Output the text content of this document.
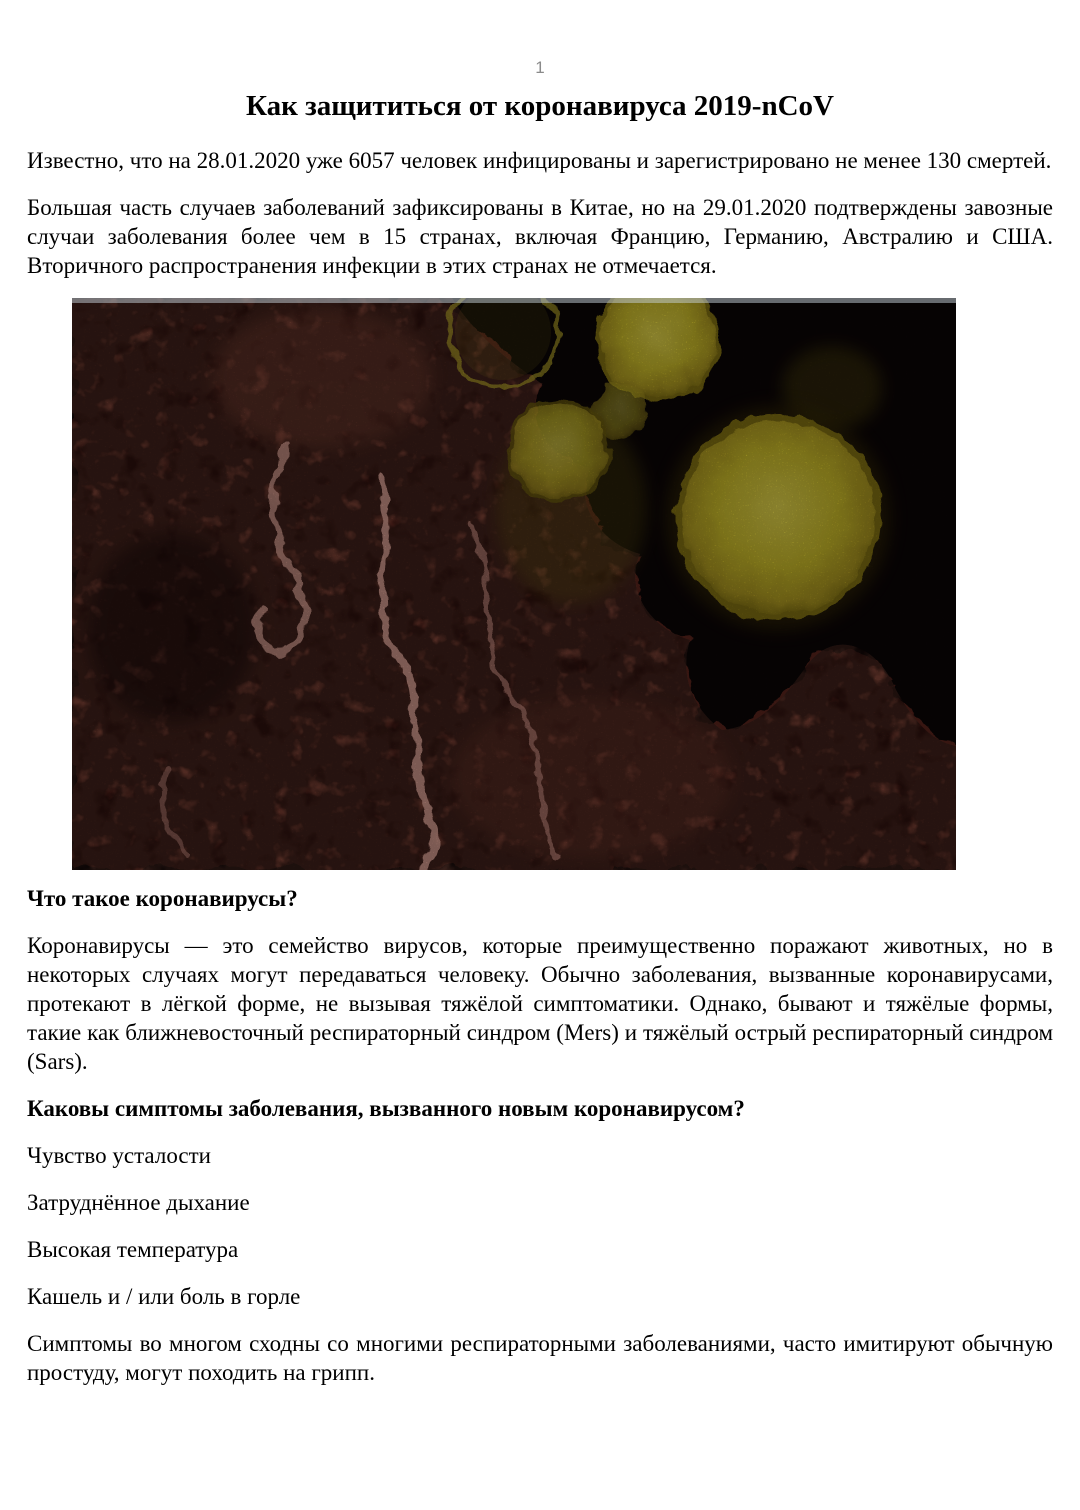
1
Как защититься от коронавируса 2019-nCoV

Известно, что на 28.01.2020 уже 6057 человек инфицированы и зарегистрировано не менее 130 смертей.

Большая часть случаев заболеваний зафиксированы в Китае, но на 29.01.2020 подтверждены завозные случаи заболевания более чем в 15 странах, включая Францию, Германию, Австралию и США. Вторичного распространения инфекции в этих странах не отмечается.

Что такое коронавирусы?

Коронавирусы — это семейство вирусов, которые преимущественно поражают животных, но в некоторых случаях могут передаваться человеку. Обычно заболевания, вызванные коронавирусами, протекают в лёгкой форме, не вызывая тяжёлой симптоматики. Однако, бывают и тяжёлые формы, такие как ближневосточный респираторный синдром (Mers) и тяжёлый острый респираторный синдром (Sars).

Каковы симптомы заболевания, вызванного новым коронавирусом?

Чувство усталости

Затруднённое дыхание

Высокая температура

Кашель и / или боль в горле

Симптомы во многом сходны со многими респираторными заболеваниями, часто имитируют обычную простуду, могут походить на грипп.
